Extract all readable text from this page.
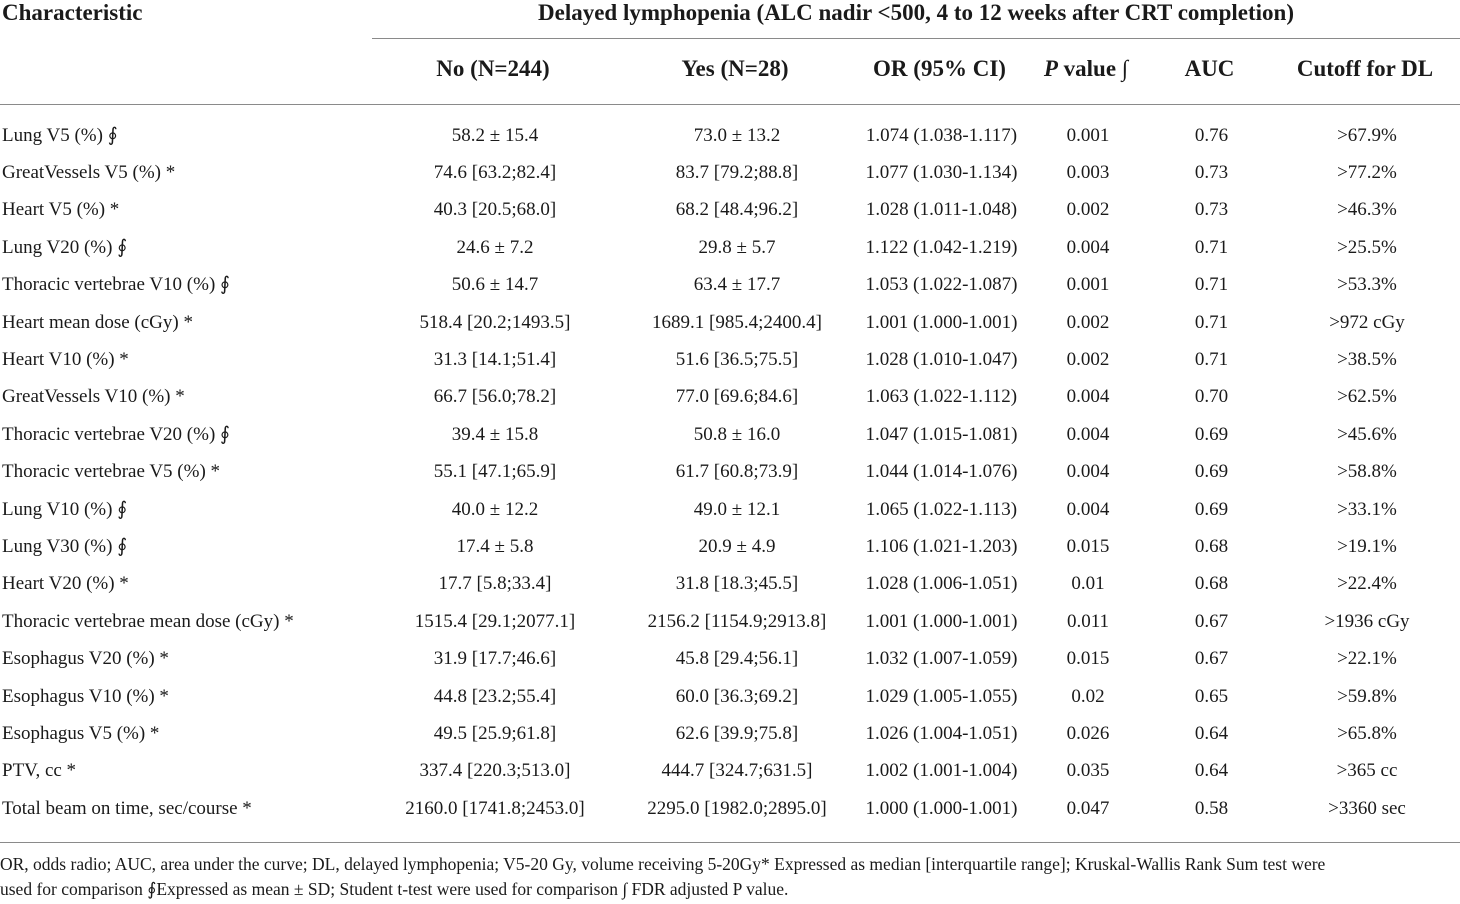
Characteristic	Delayed lymphopenia (ALC nadir <500, 4 to 12 weeks after CRT completion)
No (N=244)	Yes (N=28)	OR (95% CI)	P value ∫	AUC	Cutoff for DL
Lung V5 (%) ∮	58.2 ± 15.4	73.0 ± 13.2	1.074 (1.038-1.117)	0.001	0.76	>67.9%
GreatVessels V5 (%) *	74.6 [63.2;82.4]	83.7 [79.2;88.8]	1.077 (1.030-1.134)	0.003	0.73	>77.2%
Heart V5 (%) *	40.3 [20.5;68.0]	68.2 [48.4;96.2]	1.028 (1.011-1.048)	0.002	0.73	>46.3%
Lung V20 (%) ∮	24.6 ± 7.2	29.8 ± 5.7	1.122 (1.042-1.219)	0.004	0.71	>25.5%
Thoracic vertebrae V10 (%) ∮	50.6 ± 14.7	63.4 ± 17.7	1.053 (1.022-1.087)	0.001	0.71	>53.3%
Heart mean dose (cGy) *	518.4 [20.2;1493.5]	1689.1 [985.4;2400.4]	1.001 (1.000-1.001)	0.002	0.71	>972 cGy
Heart V10 (%) *	31.3 [14.1;51.4]	51.6 [36.5;75.5]	1.028 (1.010-1.047)	0.002	0.71	>38.5%
GreatVessels V10 (%) *	66.7 [56.0;78.2]	77.0 [69.6;84.6]	1.063 (1.022-1.112)	0.004	0.70	>62.5%
Thoracic vertebrae V20 (%) ∮	39.4 ± 15.8	50.8 ± 16.0	1.047 (1.015-1.081)	0.004	0.69	>45.6%
Thoracic vertebrae V5 (%) *	55.1 [47.1;65.9]	61.7 [60.8;73.9]	1.044 (1.014-1.076)	0.004	0.69	>58.8%
Lung V10 (%) ∮	40.0 ± 12.2	49.0 ± 12.1	1.065 (1.022-1.113)	0.004	0.69	>33.1%
Lung V30 (%) ∮	17.4 ± 5.8	20.9 ± 4.9	1.106 (1.021-1.203)	0.015	0.68	>19.1%
Heart V20 (%) *	17.7 [5.8;33.4]	31.8 [18.3;45.5]	1.028 (1.006-1.051)	0.01	0.68	>22.4%
Thoracic vertebrae mean dose (cGy) *	1515.4 [29.1;2077.1]	2156.2 [1154.9;2913.8]	1.001 (1.000-1.001)	0.011	0.67	>1936 cGy
Esophagus V20 (%) *	31.9 [17.7;46.6]	45.8 [29.4;56.1]	1.032 (1.007-1.059)	0.015	0.67	>22.1%
Esophagus V10 (%) *	44.8 [23.2;55.4]	60.0 [36.3;69.2]	1.029 (1.005-1.055)	0.02	0.65	>59.8%
Esophagus V5 (%) *	49.5 [25.9;61.8]	62.6 [39.9;75.8]	1.026 (1.004-1.051)	0.026	0.64	>65.8%
PTV, cc *	337.4 [220.3;513.0]	444.7 [324.7;631.5]	1.002 (1.001-1.004)	0.035	0.64	>365 cc
Total beam on time, sec/course *	2160.0 [1741.8;2453.0]	2295.0 [1982.0;2895.0]	1.000 (1.000-1.001)	0.047	0.58	>3360 sec
OR, odds radio; AUC, area under the curve; DL, delayed lymphopenia; V5-20 Gy, volume receiving 5-20Gy* Expressed as median [interquartile range]; Kruskal-Wallis Rank Sum test were
used for comparison ∮Expressed as mean ± SD; Student t-test were used for comparison ∫ FDR adjusted P value.
